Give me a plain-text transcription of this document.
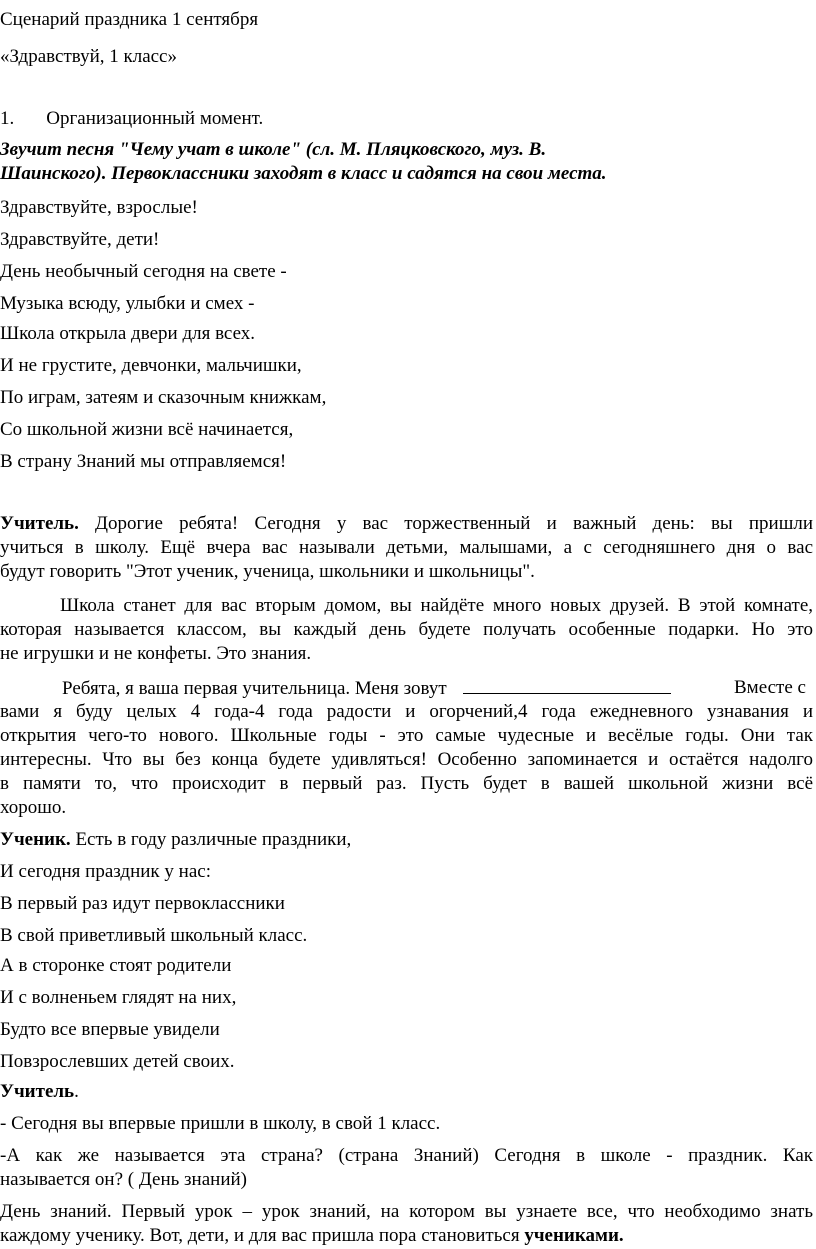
Сценарий праздника 1 сентября
«Здравствуй, 1 класс»
1. Организационный момент.
Звучит песня "Чему учат в школе" (сл. М. Пляцковского, муз. В.
Шаинского). Первоклассники заходят в класс и садятся на свои места.
Здравствуйте, взрослые!
Здравствуйте, дети!
День необычный сегодня на свете -
Музыка всюду, улыбки и смех -
Школа открыла двери для всех.
И не грустите, девчонки, мальчишки,
По играм, затеям и сказочным книжкам,
Со школьной жизни всё начинается,
В страну Знаний мы отправляемся!
Учитель. Дорогие ребята! Сегодня у вас торжественный и важный день: вы пришли
учиться в школу. Ещё вчера вас называли детьми, малышами, а с сегодняшнего дня о вас
будут говорить "Этот ученик, ученица, школьники и школьницы".
Школа станет для вас вторым домом, вы найдёте много новых друзей. В этой комнате,
которая называется классом, вы каждый день будете получать особенные подарки. Но это
не игрушки и не конфеты. Это знания.
Ребята, я ваша первая учительница. Меня зовут	Вместе с
вами я буду целых 4 года-4 года радости и огорчений,4 года ежедневного узнавания и
открытия чего-то нового. Школьные годы - это самые чудесные и весёлые годы. Они так
интересны. Что вы без конца будете удивляться! Особенно запоминается и остаётся надолго
в памяти то, что происходит в первый раз. Пусть будет в вашей школьной жизни всё
хорошо.
Ученик. Есть в году различные праздники,
И сегодня праздник у нас:
В первый раз идут первоклассники
В свой приветливый школьный класс.
А в сторонке стоят родители
И с волненьем глядят на них,
Будто все впервые увидели
Повзрослевших детей своих.
Учитель.
- Сегодня вы впервые пришли в школу, в свой 1 класс.
-А как же называется эта страна? (страна Знаний) Сегодня в школе - праздник. Как
называется он? ( День знаний)
День знаний. Первый урок – урок знаний, на котором вы узнаете все, что необходимо знать
каждому ученику. Вот, дети, и для вас пришла пора становиться учениками.
